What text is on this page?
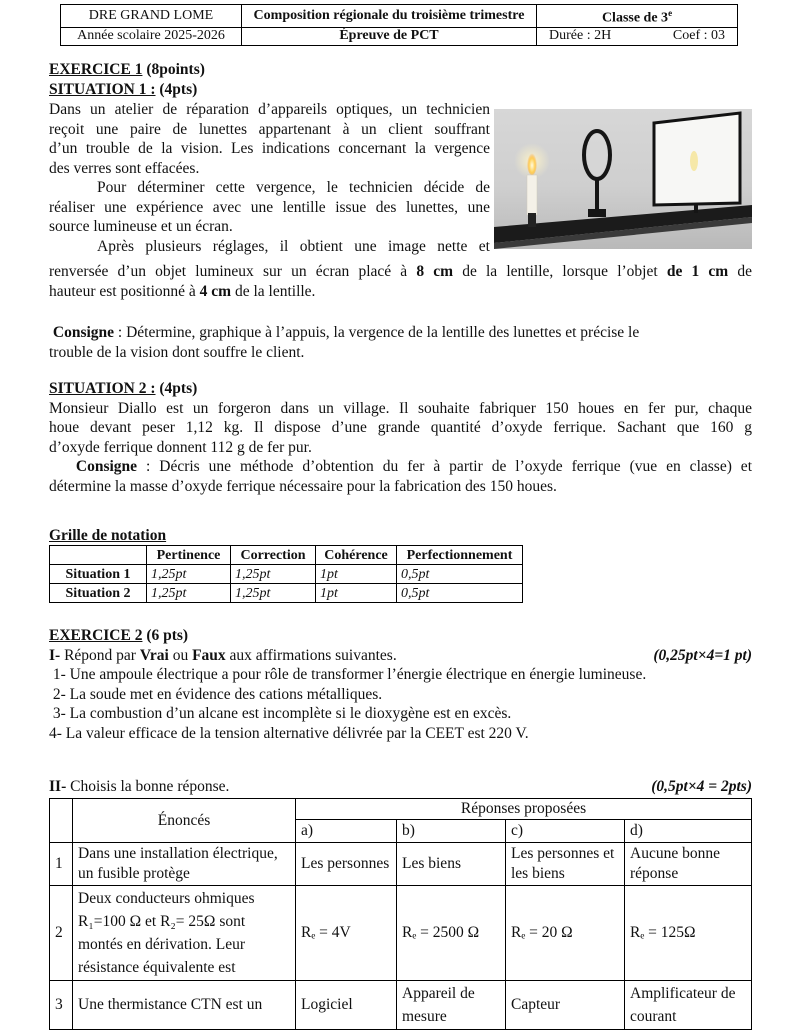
DRE GRAND LOME	Composition régionale du troisième trimestre	Classe de 3e
Année scolaire 2025-2026	Épreuve de PCT	Durée : 2H Coef : 03
EXERCICE 1 (8points)
SITUATION 1 : (4pts)
Dans un atelier de réparation d’appareils optiques, un technicien
reçoit une paire de lunettes appartenant à un client souffrant
d’un trouble de la vision. Les indications concernant la vergence
des verres sont effacées.
Pour déterminer cette vergence, le technicien décide de
réaliser une expérience avec une lentille issue des lunettes, une
source lumineuse et un écran.
Après plusieurs réglages, il obtient une image nette et
renversée d’un objet lumineux sur un écran placé à 8 cm de la lentille, lorsque l’objet de 1 cm de
hauteur est positionné à 4 cm de la lentille.
Consigne : Détermine, graphique à l’appuis, la vergence de la lentille des lunettes et précise le
trouble de la vision dont souffre le client.
SITUATION 2 : (4pts)
Monsieur Diallo est un forgeron dans un village. Il souhaite fabriquer 150 houes en fer pur, chaque
houe devant peser 1,12 kg. Il dispose d’une grande quantité d’oxyde ferrique. Sachant que 160 g
d’oxyde ferrique donnent 112 g de fer pur.
Consigne : Décris une méthode d’obtention du fer à partir de l’oxyde ferrique (vue en classe) et
détermine la masse d’oxyde ferrique nécessaire pour la fabrication des 150 houes.
Grille de notation
	Pertinence	Correction	Cohérence	Perfectionnement
Situation 1	1,25pt	1,25pt	1pt	0,5pt
Situation 2	1,25pt	1,25pt	1pt	0,5pt
EXERCICE 2 (6 pts)
(0,25pt×4=1 pt)
I- Répond par Vrai ou Faux aux affirmations suivantes.
1- Une ampoule électrique a pour rôle de transformer l’énergie électrique en énergie lumineuse.
2- La soude met en évidence des cations métalliques.
3- La combustion d’un alcane est incomplète si le dioxygène est en excès.
4- La valeur efficace de la tension alternative délivrée par la CEET est 220 V.
(0,5pt×4 = 2pts)
II- Choisis la bonne réponse.
	Énoncés	Réponses proposées			
		a)	b)	c)	d)
1	Dans une installation électrique, un fusible protège	Les personnes	Les biens	Les personnes et les biens	Aucune bonne réponse
2	Deux conducteurs ohmiques R₁=100 Ω et R₂= 25Ω sont montés en dérivation. Leur résistance équivalente est	Rₑ = 4V	Rₑ = 2500 Ω	Rₑ = 20 Ω	Rₑ = 125Ω
3	Une thermistance CTN est un	Logiciel	Appareil de mesure	Capteur	Amplificateur de courant
